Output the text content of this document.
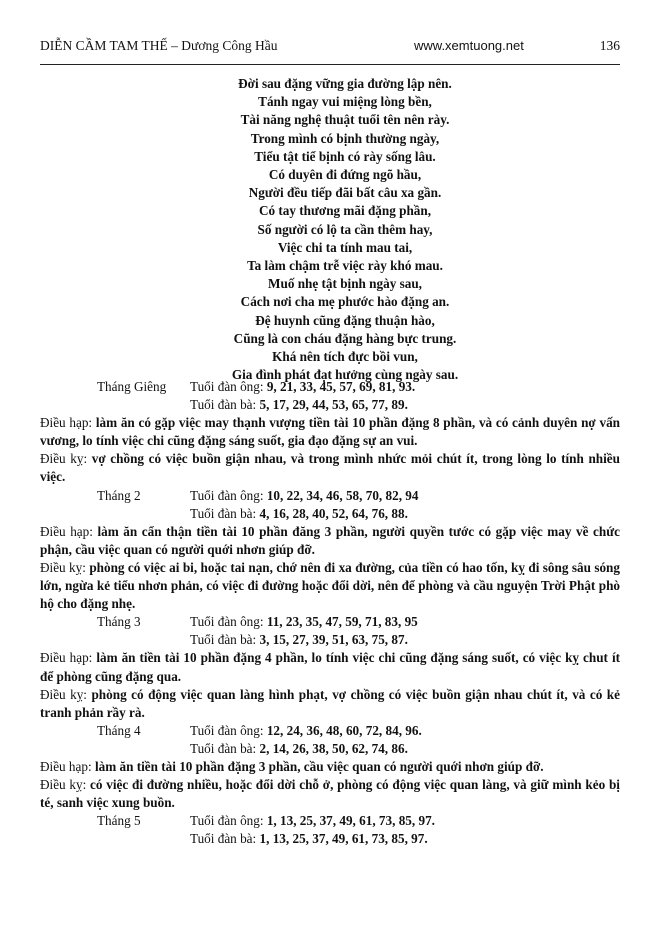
DIỄN CẦM TAM THẾ – Dương Công Hầu	www.xemtuong.net	136
Đời sau đặng vững gia đường lập nên.
Tánh ngay vui miệng lòng bền,
Tài năng nghệ thuật tuổi tên nên rày.
Trong mình có bịnh thường ngày,
Tiểu tật tiể bịnh có rày sống lâu.
Có duyên đi đứng ngõ hầu,
Người đều tiếp đãi bất câu xa gần.
Có tay thương mãi đặng phần,
Số người có lộ ta cần thêm hay,
Việc chi ta tính mau tai,
Ta làm chậm trễ việc rày khó mau.
Muố nhẹ tật bịnh ngày sau,
Cách nơi cha mẹ phước hào đặng an.
Đệ huynh cũng đặng thuận hào,
Cũng là con cháu đặng hàng bực trung.
Khá nên tích đực bồi vun,
Gia đình phát đạt hưởng cùng ngày sau.
Tháng Giêng Tuổi đàn ông: 9, 21, 33, 45, 57, 69, 81, 93.
Tuổi đàn bà: 5, 17, 29, 44, 53, 65, 77, 89.
Điều hạp: làm ăn có gặp việc may thạnh vượng tiền tài 10 phần đặng 8 phần, và có cảnh duyên nợ vấn vương, lo tính việc chi cũng đặng sáng suốt, gia đạo đặng sự an vui.
Điều kỵ: vợ chồng có việc buồn giận nhau, và trong mình nhức mỏi chút ít, trong lòng lo tính nhiều việc.
Tháng 2	Tuổi đàn ông: 10, 22, 34, 46, 58, 70, 82, 94
Tuổi đàn bà: 4, 16, 28, 40, 52, 64, 76, 88.
Điều hạp: làm ăn cẩn thận tiền tài 10 phần đăng 3 phần, người quyền tước có gặp việc may về chức phận, cầu việc quan có người quới nhơn giúp đỡ.
Điều kỵ: phòng có việc ai bi, hoặc tai nạn, chớ nên đi xa đường, của tiền có hao tốn, kỵ đi sông sâu sóng lớn, ngừa kẻ tiểu nhơn phản, có việc đi đường hoặc đổi dời, nên để phòng và cầu nguyện Trời Phật phò hộ cho đặng nhẹ.
Tháng 3	Tuổi đàn ông: 11, 23, 35, 47, 59, 71, 83, 95
Tuổi đàn bà: 3, 15, 27, 39, 51, 63, 75, 87.
Điều hạp: làm ăn tiền tài 10 phần đặng 4 phần, lo tính việc chi cũng đặng sáng suốt, có việc kỵ chut ít để phòng cũng đặng qua.
Điều kỵ: phòng có động việc quan làng hình phạt, vợ chồng có việc buồn giận nhau chút ít, và có kẻ tranh phản rầy rà.
Tháng 4	Tuổi đàn ông: 12, 24, 36, 48, 60, 72, 84, 96.
Tuổi đàn bà: 2, 14, 26, 38, 50, 62, 74, 86.
Điều hạp: làm ăn tiền tài 10 phần đặng 3 phần, cầu việc quan có người quới nhơn giúp đỡ.
Điều kỵ: có việc đi đường nhiều, hoặc đổi dời chỗ ở, phòng có động việc quan làng, và giữ mình kẻo bị té, sanh việc xung buồn.
Tháng 5	Tuổi đàn ông: 1, 13, 25, 37, 49, 61, 73, 85, 97.
Tuổi đàn bà: 1, 13, 25, 37, 49, 61, 73, 85, 97.
